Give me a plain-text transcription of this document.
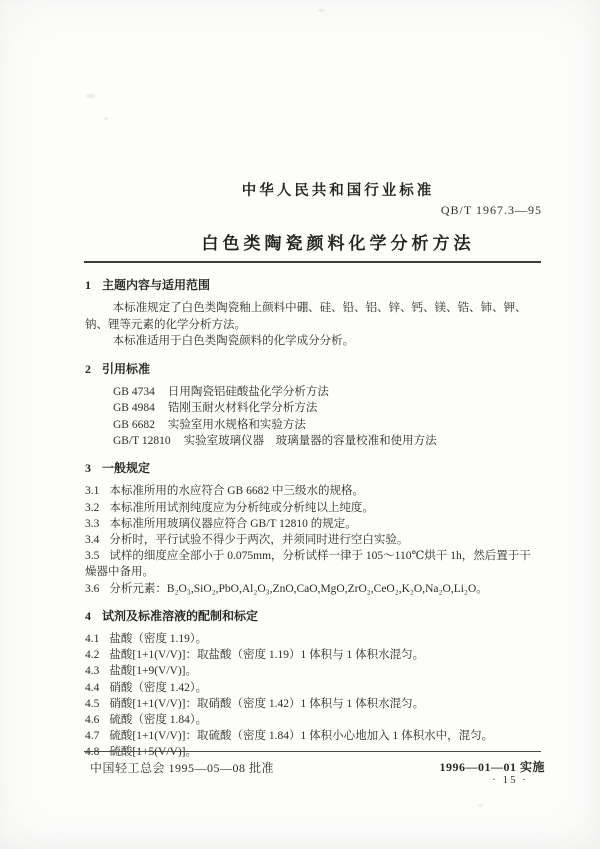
中华人民共和国行业标准
QB/T 1967.3—95
白色类陶瓷颜料化学分析方法
1 主题内容与适用范围

本标准规定了白色类陶瓷釉上颜料中硼、硅、铅、铝、锌、钙、镁、锆、铈、钾、钠、锂等元素的化学分析方法。

本标准适用于白色类陶瓷颜料的化学成分分析。

2 引用标准
GB 4734 日用陶瓷铝硅酸盐化学分析方法
GB 4984 锆刚玉耐火材料化学分析方法
GB 6682 实验室用水规格和实验方法
GB/T 12810 实验室玻璃仪器　玻璃量器的容量校准和使用方法
3 一般规定
3.1 本标准所用的水应符合 GB 6682 中三级水的规格。
3.2 本标准所用试剂纯度应为分析纯或分析纯以上纯度。
3.3 本标准所用玻璃仪器应符合 GB/T 12810 的规定。
3.4 分析时，平行试验不得少于两次，并须同时进行空白实验。
3.5 试样的细度应全部小于 0.075mm，分析试样一律于 105～110℃烘干 1h，然后置于干燥器中备用。
3.6 分析元素：B₂O₃,SiO₂,PbO,Al₂O₃,ZnO,CaO,MgO,ZrO₂,CeO₂,K₂O,Na₂O,Li₂O。
4 试剂及标准溶液的配制和标定
4.1 盐酸（密度 1.19）。
4.2 盐酸[1+1(V/V)]：取盐酸（密度 1.19）1 体积与 1 体积水混匀。
4.3 盐酸[1+9(V/V)]。
4.4 硝酸（密度 1.42）。
4.5 硝酸[1+1(V/V)]：取硝酸（密度 1.42）1 体积与 1 体积水混匀。
4.6 硫酸（密度 1.84）。
4.7 硫酸[1+1(V/V)]：取硫酸（密度 1.84）1 体积小心地加入 1 体积水中，混匀。
4.8 硫酸[1+5(V/V)]。
中国轻工总会 1995—05—08 批准	1996—01—01 实施
· 15 ·
